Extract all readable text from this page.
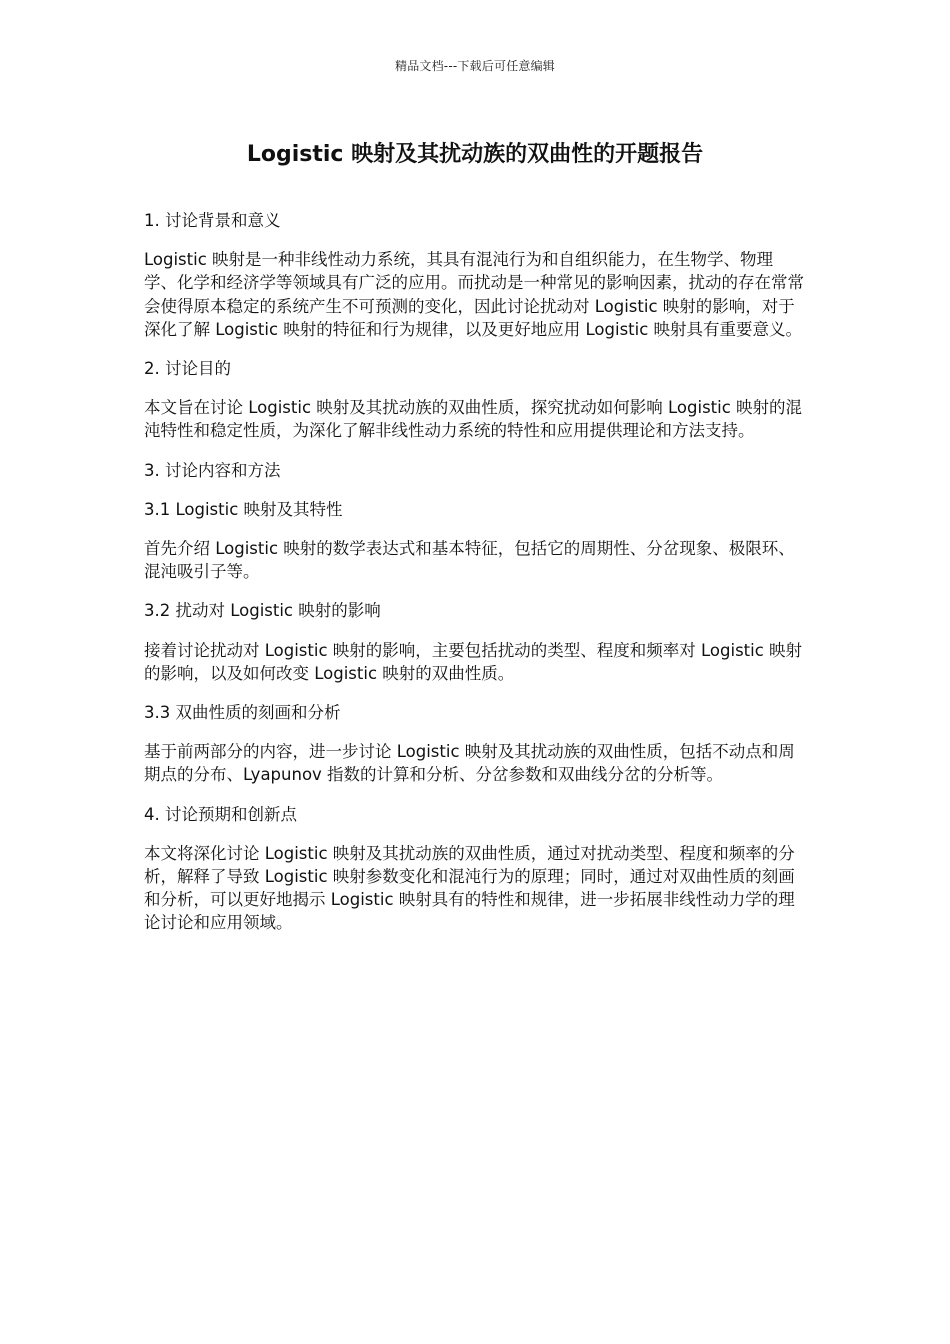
精品文档---下载后可任意编辑
Logistic 映射及其扰动族的双曲性的开题报告

1. 讨论背景和意义

Logistic 映射是一种非线性动力系统，其具有混沌行为和自组织能力，在生物学、物理学、化学和经济学等领域具有广泛的应用。而扰动是一种常见的影响因素，扰动的存在常常会使得原本稳定的系统产生不可预测的变化，因此讨论扰动对 Logistic 映射的影响，对于深化了解 Logistic 映射的特征和行为规律，以及更好地应用 Logistic 映射具有重要意义。

2. 讨论目的

本文旨在讨论 Logistic 映射及其扰动族的双曲性质，探究扰动如何影响 Logistic 映射的混沌特性和稳定性质，为深化了解非线性动力系统的特性和应用提供理论和方法支持。

3. 讨论内容和方法

3.1 Logistic 映射及其特性

首先介绍 Logistic 映射的数学表达式和基本特征，包括它的周期性、分岔现象、极限环、混沌吸引子等。

3.2 扰动对 Logistic 映射的影响

接着讨论扰动对 Logistic 映射的影响，主要包括扰动的类型、程度和频率对 Logistic 映射的影响，以及如何改变 Logistic 映射的双曲性质。

3.3 双曲性质的刻画和分析

基于前两部分的内容，进一步讨论 Logistic 映射及其扰动族的双曲性质，包括不动点和周期点的分布、Lyapunov 指数的计算和分析、分岔参数和双曲线分岔的分析等。

4. 讨论预期和创新点

本文将深化讨论 Logistic 映射及其扰动族的双曲性质，通过对扰动类型、程度和频率的分析，解释了导致 Logistic 映射参数变化和混沌行为的原理；同时，通过对双曲性质的刻画和分析，可以更好地揭示 Logistic 映射具有的特性和规律，进一步拓展非线性动力学的理论讨论和应用领域。
